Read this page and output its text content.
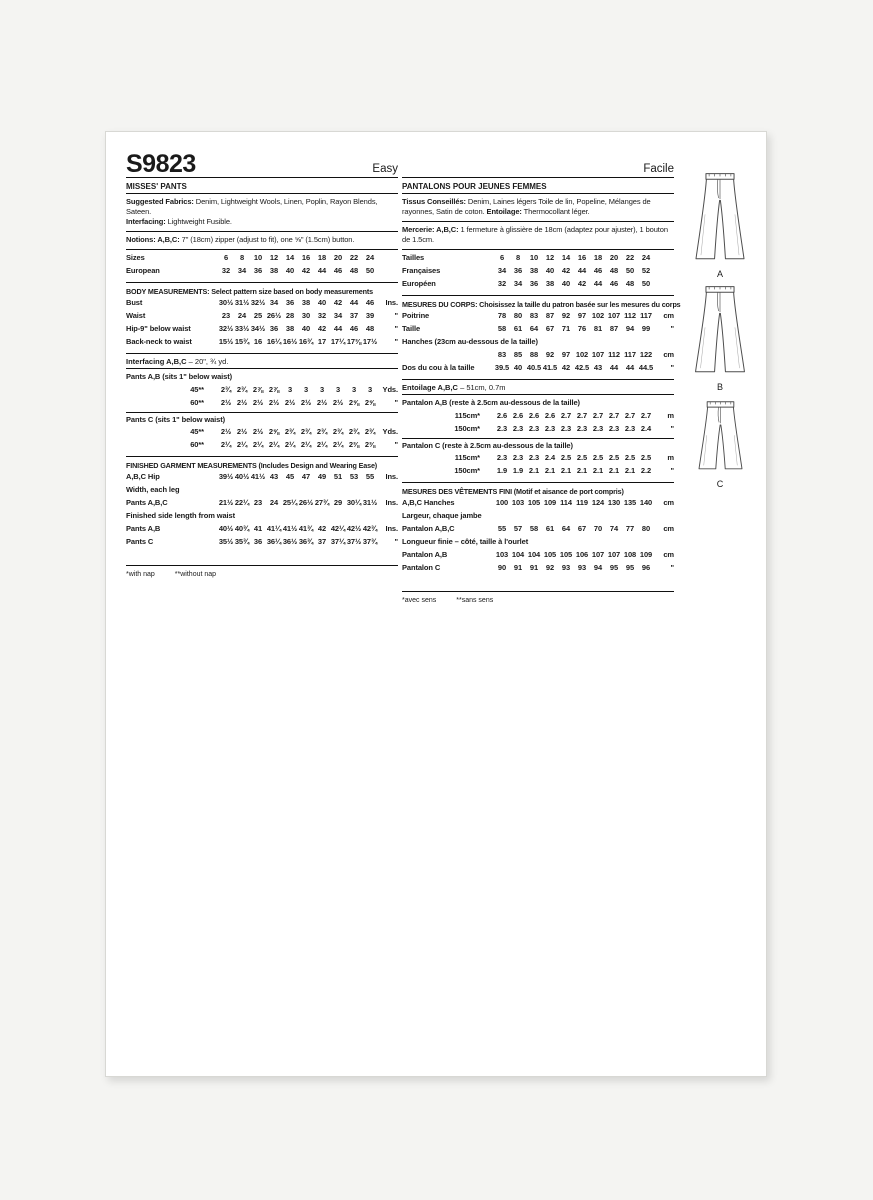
S9823	Easy
MISSES' PANTS

Suggested Fabrics: Denim, Lightweight Wools, Linen, Poplin, Rayon Blends, Sateen.
Interfacing: Lightweight Fusible.

Notions: A,B,C: 7" (18cm) zipper (adjust to fit), one ⅝" (1.5cm) button.

Sizes	6	8	10	12	14	16	18	20	22	24
European	32	34	36	38	40	42	44	46	48	50
BODY MEASUREMENTS: Select pattern size based on body measurements
Bust	30½ 31½ 32½ 34	36	38	40	42	44	46	Ins.
Waist	23	24	25 26½ 28	30	32	34	37	39	"
Hip-9" below waist	32½ 33½ 34½ 36	38	40	42	44	46	48	"
Back-neck to waist	15½ 15¾ 16 16¼ 16½ 16¾ 17 17¼ 17⅜ 17½	"
Interfacing A,B,C – 20", ¾ yd.
Pants A,B (sits 1" below waist)
45**	2¾ 2¾ 2⅞ 2⅞	3	3	3	3	3	3	Yds.
60**	2½ 2½ 2½ 2½ 2½ 2½ 2½ 2½ 2⅝ 2⅝	"
Pants C (sits 1" below waist)
45**	2½ 2½ 2½ 2⅝ 2¾ 2¾ 2¾ 2¾ 2¾ 2¾ Yds.
60**	2¼ 2¼ 2¼ 2¼ 2¼ 2¼ 2¼ 2¼ 2⅜ 2⅜	"
FINISHED GARMENT MEASUREMENTS (Includes Design and Wearing Ease)
A,B,C Hip	39½ 40½ 41½ 43	45	47	49	51	53	55	Ins.
Width, each leg
Pants A,B,C	21½ 22¼ 23	24 25¼ 26½ 27¾ 29 30¼ 31½	Ins.
Finished side length from waist
Pants A,B	40½ 40¾ 41 41¼ 41½ 41¾ 42 42¼ 42½ 42¾	Ins.
Pants C	35½ 35¾ 36 36¼ 36½ 36¾ 37 37¼ 37½ 37¾	"
*with nap	**without nap
Facile
PANTALONS POUR JEUNES FEMMES

Tissus Conseillés: Denim, Laines légers Toile de lin, Popeline, Mélanges de rayonnes, Satin de coton. Entoilage: Thermocollant léger.

Mercerie: A,B,C: 1 fermeture à glissière de 18cm (adaptez pour ajuster), 1 bouton de 1.5cm.

Tailles	6	8	10	12	14	16	18	20	22	24
Françaises	34	36	38	40	42	44	46	48	50	52
Européen	32	34	36	38	40	42	44	46	48	50
MESURES DU CORPS: Choisissez la taille du patron basée sur les mesures du corps
Poitrine	78	80	83	87	92	97 102 107 112 117	cm
Taille	58	61	64	67	71	76	81	87	94	99	"
Hanches (23cm au-dessous de la taille)
83	85	88	92	97 102 107 112 117 122	cm
Dos du cou à la taille	39.5 40 40.5 41.5 42 42.5 43	44	44 44.5	"
Entoilage A,B,C – 51cm, 0.7m
Pantalon A,B (reste à 2.5cm au-dessous de la taille)
115cm*	2.6 2.6 2.6 2.6 2.7 2.7 2.7 2.7 2.7 2.7	m
150cm*	2.3 2.3 2.3 2.3 2.3 2.3 2.3 2.3 2.3 2.4	"
Pantalon C (reste à 2.5cm au-dessous de la taille)
115cm*	2.3 2.3 2.3 2.4 2.5 2.5 2.5 2.5 2.5 2.5	m
150cm*	1.9 1.9 2.1 2.1 2.1 2.1 2.1 2.1 2.1 2.2	"
MESURES DES VÊTEMENTS FINI (Motif et aisance de port compris)
A,B,C Hanches	100 103 105 109 114 119 124 130 135 140	cm
Largeur, chaque jambe
Pantalon A,B,C	55	57	58	61	64	67	70	74	77	80	cm
Longueur finie – côté, taille à l'ourlet
Pantalon A,B	103 104 104 105 105 106 107 107 108 109	cm
Pantalon C	90	91	91	92	93	93	94	95	95	96	"
*avec sens	**sans sens
A
B
C
